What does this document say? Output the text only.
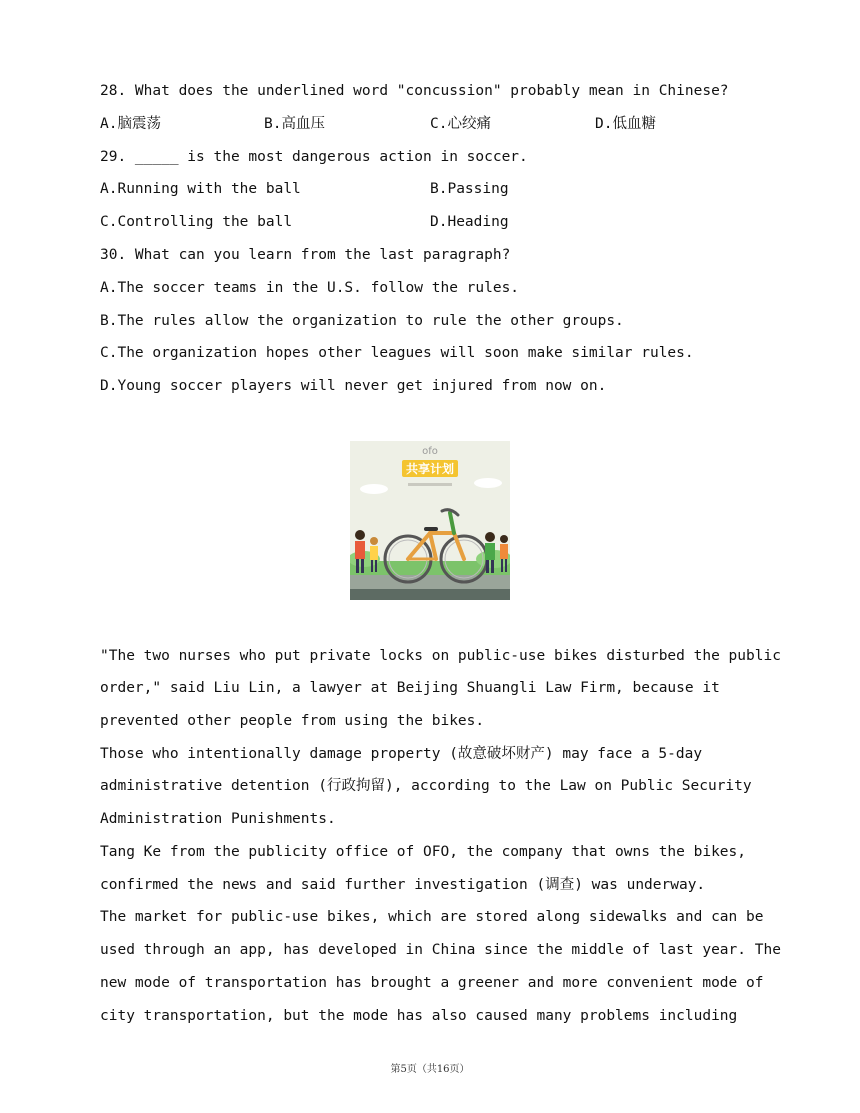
28. What does the underlined word "concussion" probably mean in Chinese?
A.脑震荡	B.高血压	C.心绞痛	D.低血糖
29. _____ is the most dangerous action in soccer.
A.Running with the ball	B.Passing
C.Controlling the ball	D.Heading
30. What can you learn from the last paragraph?
A.The soccer teams in the U.S. follow the rules.
B.The rules allow the organization to rule the other groups.
C.The organization hopes other leagues will soon make similar rules.
D.Young soccer players will never get injured from now on.
ofo
共享计划
"The two nurses who put private locks on public-use bikes disturbed the public
order," said Liu Lin, a lawyer at Beijing Shuangli Law Firm, because it
prevented other people from using the bikes.
Those who intentionally damage property (故意破坏财产) may face a 5-day
administrative detention (行政拘留), according to the Law on Public Security
Administration Punishments.
Tang Ke from the publicity office of OFO, the company that owns the bikes,
confirmed the news and said further investigation (调查) was underway.
The market for public-use bikes, which are stored along sidewalks and can be
used through an app, has developed in China since the middle of last year. The
new mode of transportation has brought a greener and more convenient mode of
city transportation, but the mode has also caused many problems including
第5页（共16页）
